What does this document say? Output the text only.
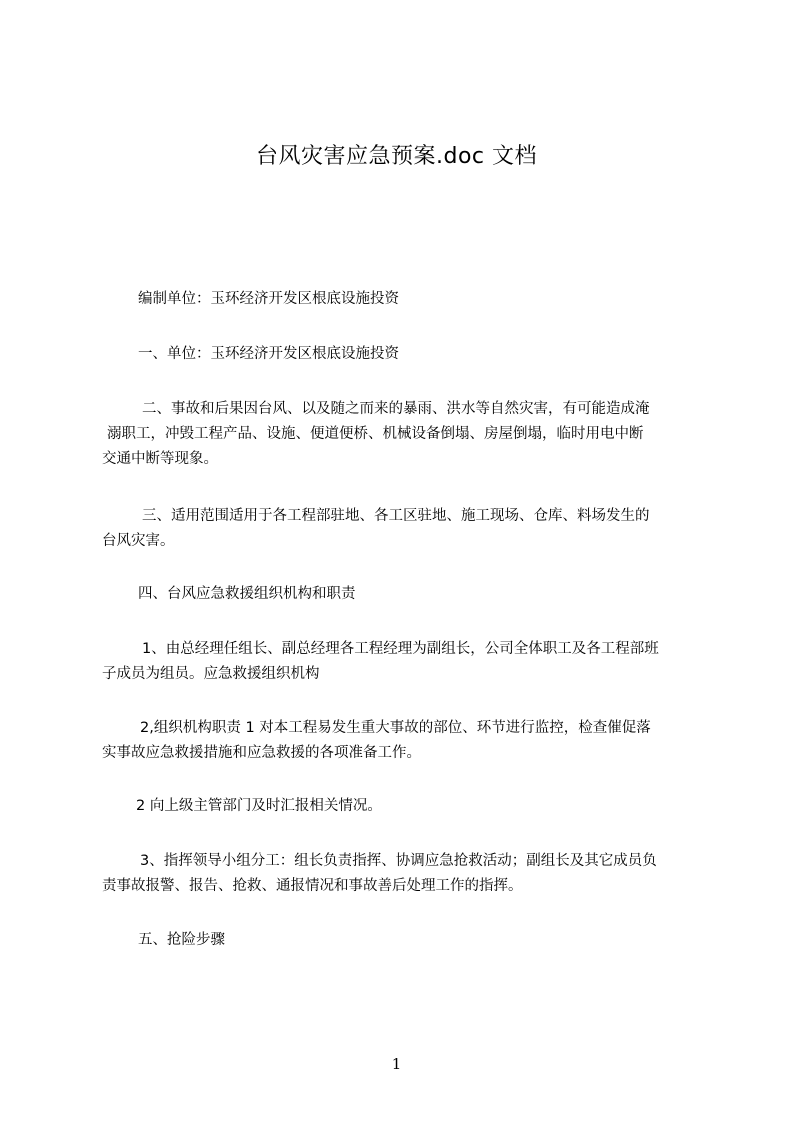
台风灾害应急预案.doc 文档
编制单位：玉环经济开发区根底设施投资
一、单位：玉环经济开发区根底设施投资
二、事故和后果因台风、以及随之而来的暴雨、洪水等自然灾害，有可能造成淹
溺职工，冲毁工程产品、设施、便道便桥、机械设备倒塌、房屋倒塌，临时用电中断
交通中断等现象。
三、适用范围适用于各工程部驻地、各工区驻地、施工现场、仓库、料场发生的
台风灾害。
四、台风应急救援组织机构和职责
1、由总经理任组长、副总经理各工程经理为副组长，公司全体职工及各工程部班
子成员为组员。应急救援组织机构
2,组织机构职责 1 对本工程易发生重大事故的部位、环节进行监控，检查催促落
实事故应急救援措施和应急救援的各项准备工作。
2 向上级主管部门及时汇报相关情况。
3、指挥领导小组分工：组长负责指挥、协调应急抢救活动；副组长及其它成员负
责事故报警、报告、抢救、通报情况和事故善后处理工作的指挥。
五、抢险步骤
1
